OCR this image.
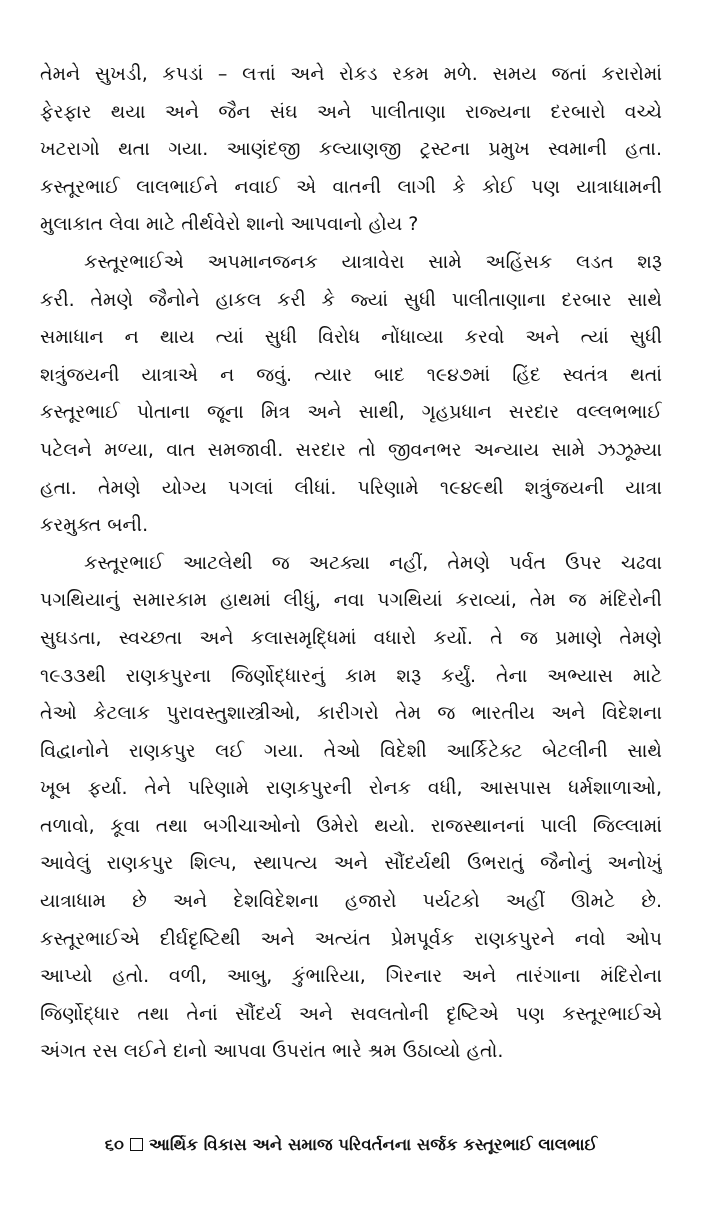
તેમને સુખડી, કપડાં – લત્તાં અને રોકડ રકમ મળે. સમય જતાં કરારોમાં
ફેરફાર થયા અને જૈન સંઘ અને પાલીતાણા રાજ્યના દરબારો વચ્ચે
ખટરાગો થતા ગયા. આણંદજી કલ્યાણજી ટ્રસ્ટના પ્રમુખ સ્વમાની હતા.
કસ્તૂરભાઈ લાલભાઈને નવાઈ એ વાતની લાગી કે કોઈ પણ યાત્રાધામની
મુલાકાત લેવા માટે તીર્થવેરો શાનો આપવાનો હોય ?
કસ્તૂરભાઈએ અપમાનજનક યાત્રાવેરા સામે અહિંસક લડત શરૂ
કરી. તેમણે જૈનોને હાકલ કરી કે જ્યાં સુધી પાલીતાણાના દરબાર સાથે
સમાધાન ન થાય ત્યાં સુધી વિરોધ નોંધાવ્યા કરવો અને ત્યાં સુધી
શત્રુંજયની યાત્રાએ ન જવું. ત્યાર બાદ ૧૯૪૭માં હિંદ સ્વતંત્ર થતાં
કસ્તૂરભાઈ પોતાના જૂના મિત્ર અને સાથી, ગૃહપ્રધાન સરદાર વલ્લભભાઈ
પટેલને મળ્યા, વાત સમજાવી. સરદાર તો જીવનભર અન્યાય સામે ઝઝૂમ્યા
હતા. તેમણે યોગ્ય પગલાં લીધાં. પરિણામે ૧૯૪૯થી શત્રુંજયની યાત્રા
કરમુક્ત બની.
કસ્તૂરભાઈ આટલેથી જ અટક્યા નહીં, તેમણે પર્વત ઉપર ચઢવા
પગથિયાનું સમારકામ હાથમાં લીધું, નવા પગથિયાં કરાવ્યાં, તેમ જ મંદિરોની
સુઘડતા, સ્વચ્છતા અને કલાસમૃદ્ધિમાં વધારો કર્યો. તે જ પ્રમાણે તેમણે
૧૯૩૩થી રાણકપુરના જિર્ણોદ્ધારનું કામ શરૂ કર્યું. તેના અભ્યાસ માટે
તેઓ કેટલાક પુરાવસ્તુશાસ્ત્રીઓ, કારીગરો તેમ જ ભારતીય અને વિદેશના
વિદ્વાનોને રાણકપુર લઈ ગયા. તેઓ વિદેશી આર્કિટેક્ટ બેટલીની સાથે
ખૂબ ફર્યા. તેને પરિણામે રાણકપુરની રોનક વધી, આસપાસ ધર્મશાળાઓ,
તળાવો, કૂવા તથા બગીચાઓનો ઉમેરો થયો. રાજસ્થાનનાં પાલી જિલ્લામાં
આવેલું રાણકપુર શિલ્પ, સ્થાપત્ય અને સૌંદર્યથી ઉભરાતું જૈનોનું અનોખું
યાત્રાધામ છે અને દેશવિદેશના હજારો પર્યટકો અહીં ઊમટે છે.
કસ્તૂરભાઈએ દીર્ઘદૃષ્ટિથી અને અત્યંત પ્રેમપૂર્વક રાણકપુરને નવો ઓપ
આપ્યો હતો. વળી, આબુ, કુંભારિયા, ગિરનાર અને તારંગાના મંદિરોના
જિર્ણોદ્ધાર તથા તેનાં સૌંદર્ય અને સવલતોની દૃષ્ટિએ પણ કસ્તૂરભાઈએ
અંગત રસ લઈને દાનો આપવા ઉપરાંત ભારે શ્રમ ઉઠાવ્યો હતો.
૬૦ આર્થિક વિકાસ અને સમાજ પરિવર્તનના સર્જક કસ્તૂરભાઈ લાલભાઈ
